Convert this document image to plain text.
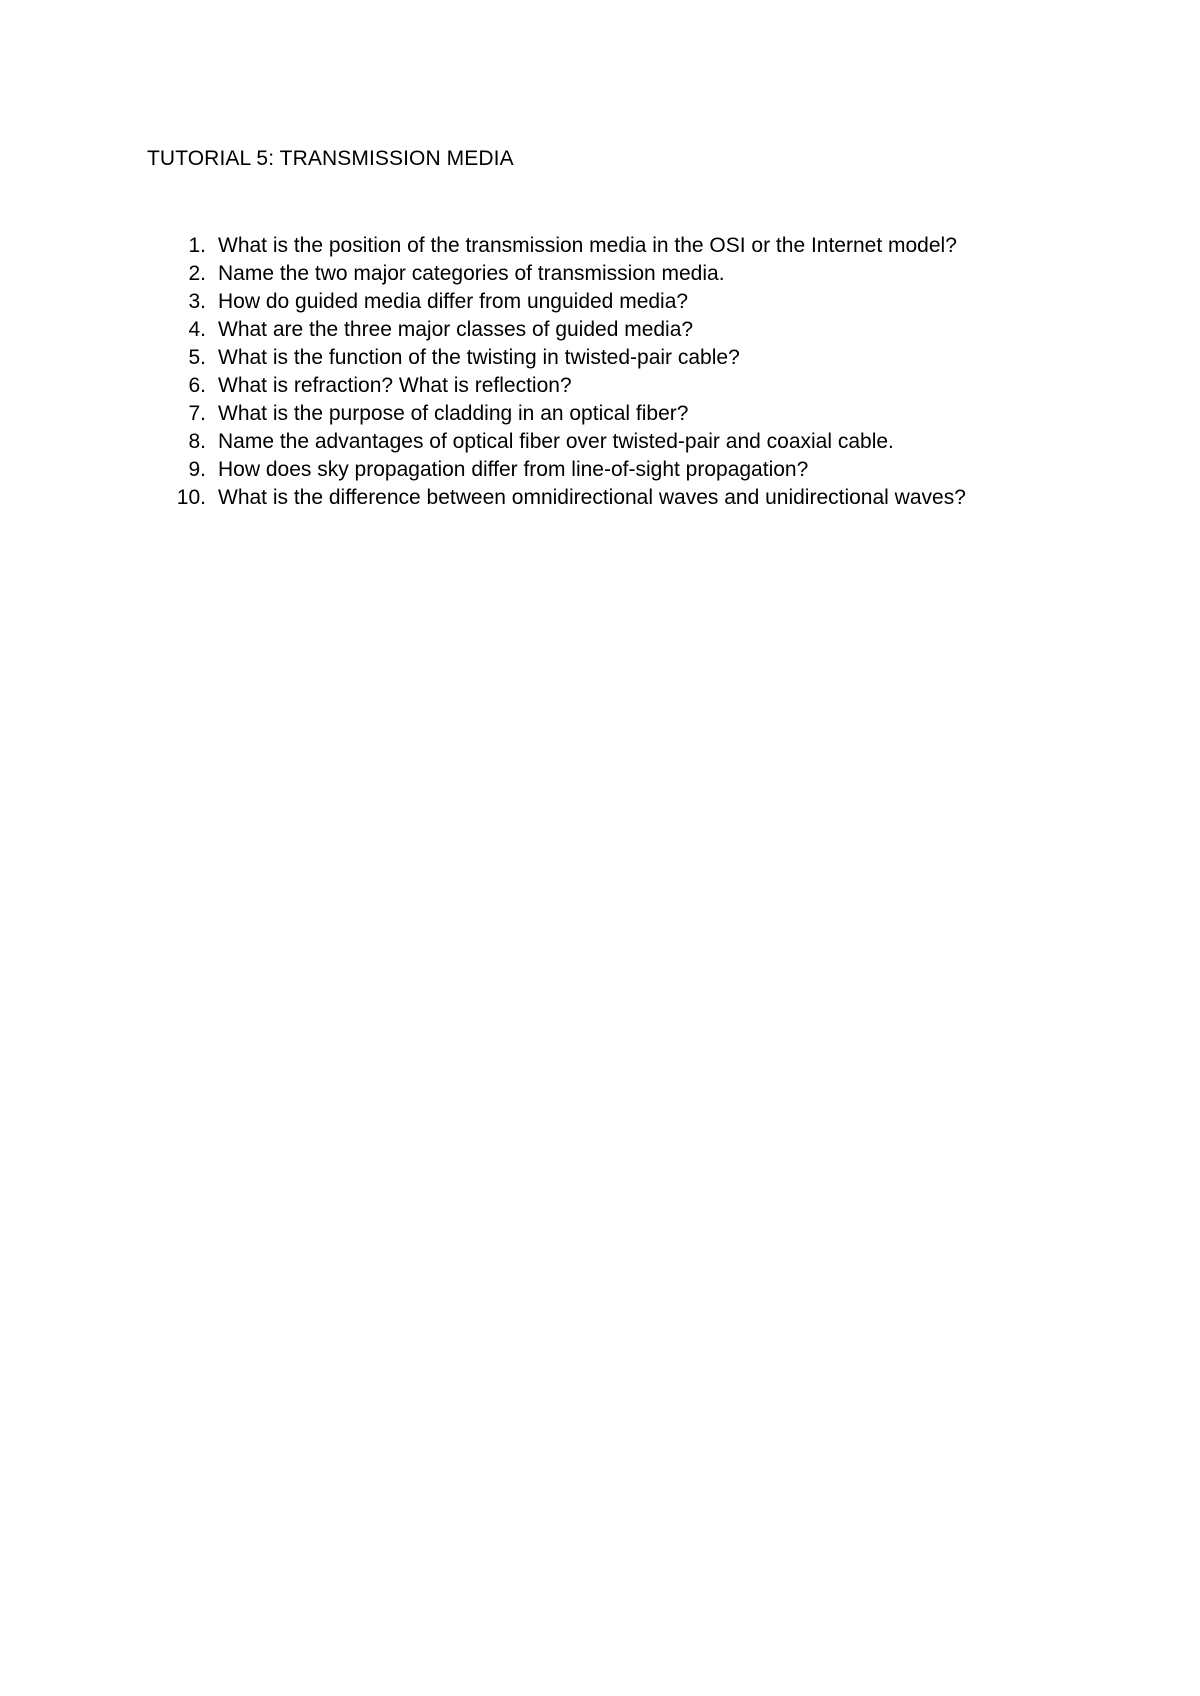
TUTORIAL 5: TRANSMISSION MEDIA
1. What is the position of the transmission media in the OSI or the Internet model?
2. Name the two major categories of transmission media.
3. How do guided media differ from unguided media?
4. What are the three major classes of guided media?
5. What is the function of the twisting in twisted-pair cable?
6. What is refraction? What is reflection?
7. What is the purpose of cladding in an optical fiber?
8. Name the advantages of optical fiber over twisted-pair and coaxial cable.
9. How does sky propagation differ from line-of-sight propagation?
10. What is the difference between omnidirectional waves and unidirectional waves?
